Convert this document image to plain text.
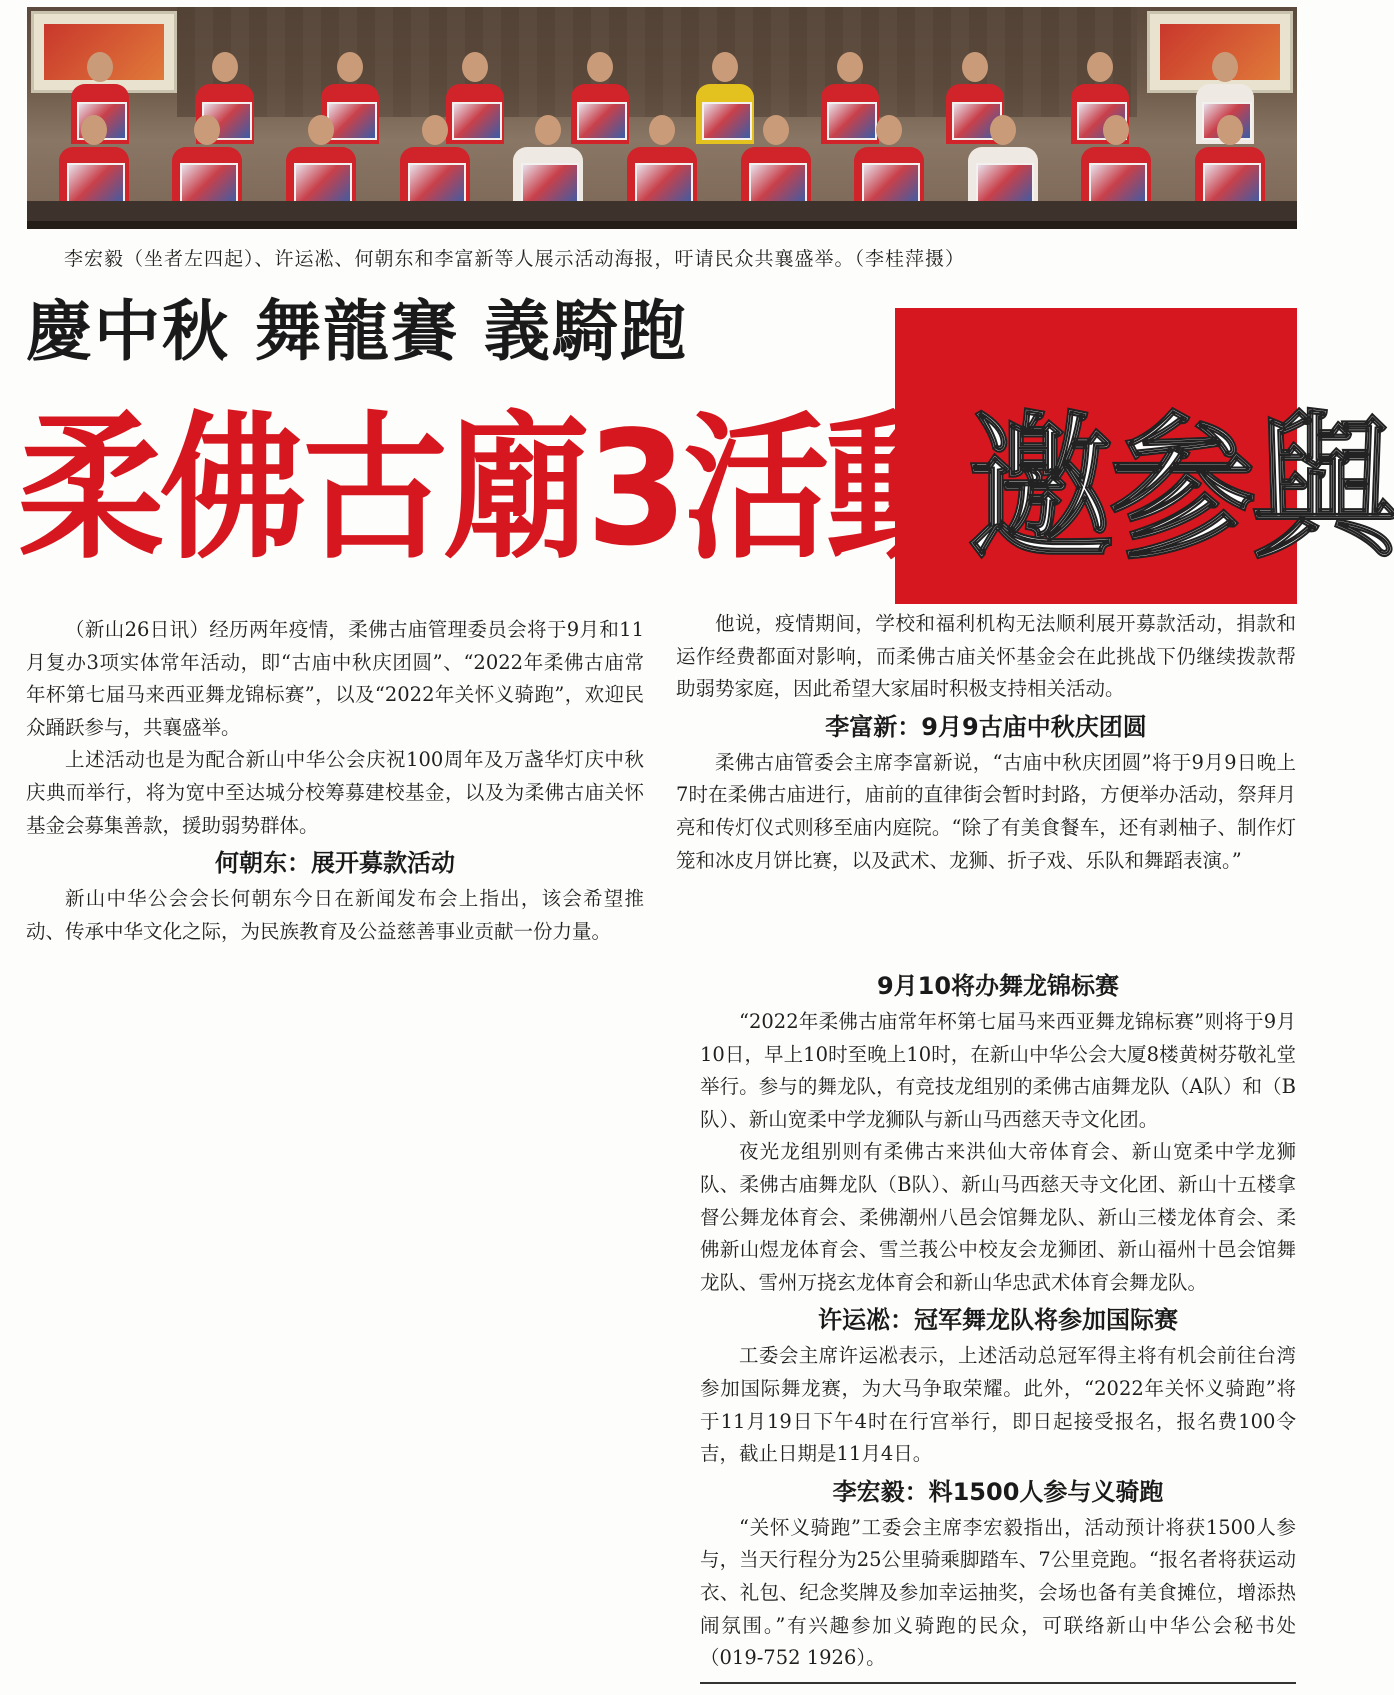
李宏毅（坐者左四起）、许运凇、何朝东和李富新等人展示活动海报，吁请民众共襄盛举。（李桂萍摄）
慶中秋 舞龍賽 義騎跑
柔佛古廟3活動邀参與

（新山26日讯）经历两年疫情，柔佛古庙管理委员会将于9月和11月复办3项实体常年活动，即“古庙中秋庆团圆”、“2022年柔佛古庙常年杯第七届马来西亚舞龙锦标赛”，以及“2022年关怀义骑跑”，欢迎民众踊跃参与，共襄盛举。

上述活动也是为配合新山中华公会庆祝100周年及万盏华灯庆中秋庆典而举行，将为宽中至达城分校筹募建校基金，以及为柔佛古庙关怀基金会募集善款，援助弱势群体。

何朝东：展开募款活动

新山中华公会会长何朝东今日在新闻发布会上指出，该会希望推动、传承中华文化之际，为民族教育及公益慈善事业贡献一份力量。

他说，疫情期间，学校和福利机构无法顺利展开募款活动，捐款和运作经费都面对影响，而柔佛古庙关怀基金会在此挑战下仍继续拨款帮助弱势家庭，因此希望大家届时积极支持相关活动。

李富新：9月9古庙中秋庆团圆

柔佛古庙管委会主席李富新说，“古庙中秋庆团圆”将于9月9日晚上7时在柔佛古庙进行，庙前的直律街会暂时封路，方便举办活动，祭拜月亮和传灯仪式则移至庙内庭院。“除了有美食餐车，还有剥柚子、制作灯笼和冰皮月饼比赛，以及武术、龙狮、折子戏、乐队和舞蹈表演。”

9月10将办舞龙锦标赛

“2022年柔佛古庙常年杯第七届马来西亚舞龙锦标赛”则将于9月10日，早上10时至晚上10时，在新山中华公会大厦8楼黄树芬敬礼堂举行。参与的舞龙队，有竞技龙组别的柔佛古庙舞龙队（A队）和（B队）、新山宽柔中学龙狮队与新山马西慈天寺文化团。

夜光龙组别则有柔佛古来洪仙大帝体育会、新山宽柔中学龙狮队、柔佛古庙舞龙队（B队）、新山马西慈天寺文化团、新山十五楼拿督公舞龙体育会、柔佛潮州八邑会馆舞龙队、新山三楼龙体育会、柔佛新山煜龙体育会、雪兰莪公中校友会龙狮团、新山福州十邑会馆舞龙队、雪州万挠玄龙体育会和新山华忠武术体育会舞龙队。

许运凇：冠军舞龙队将参加国际赛

工委会主席许运凇表示，上述活动总冠军得主将有机会前往台湾参加国际舞龙赛，为大马争取荣耀。此外，“2022年关怀义骑跑”将于11月19日下午4时在行宫举行，即日起接受报名，报名费100令吉，截止日期是11月4日。

李宏毅：料1500人参与义骑跑

“关怀义骑跑”工委会主席李宏毅指出，活动预计将获1500人参与，当天行程分为25公里骑乘脚踏车、7公里竞跑。“报名者将获运动衣、礼包、纪念奖牌及参加幸运抽奖，会场也备有美食摊位，增添热闹氛围。”有兴趣参加义骑跑的民众，可联络新山中华公会秘书处（019-752 1926）。
